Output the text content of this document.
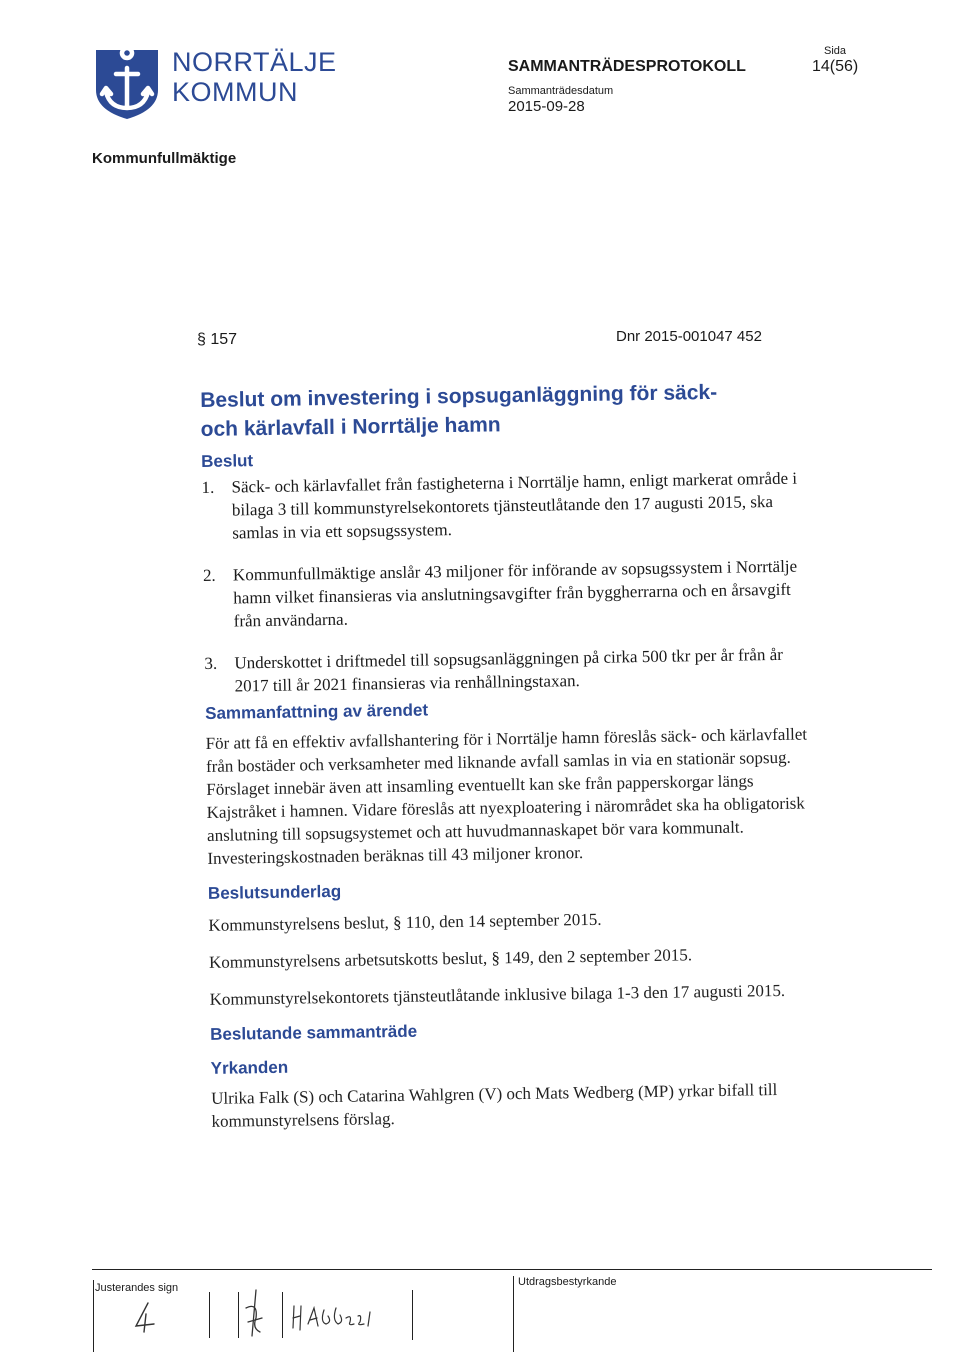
NORRTÄLJE
KOMMUN
SAMMANTRÄDESPROTOKOLL
Sammanträdesdatum
2015-09-28
Sida
14(56)
Kommunfullmäktige
§ 157	Dnr 2015-001047 452
Beslut om investering i sopsuganläggning för säck-
och kärlavfall i Norrtälje hamn
Beslut
1. Säck- och kärlavfallet från fastigheterna i Norrtälje hamn, enligt markerat område i bilaga 3 till kommunstyrelsekontorets tjänsteutlåtande den 17 augusti 2015, ska samlas in via ett sopsugssystem.
2. Kommunfullmäktige anslår 43 miljoner för införande av sopsugssystem i Norrtälje hamn vilket finansieras via anslutningsavgifter från byggherrarna och en årsavgift från användarna.
3. Underskottet i driftmedel till sopsugsanläggningen på cirka 500 tkr per år från år 2017 till år 2021 finansieras via renhållningstaxan.
Sammanfattning av ärendet

För att få en effektiv avfallshantering för i Norrtälje hamn föreslås säck- och kärlavfallet från bostäder och verksamheter med liknande avfall samlas in via en stationär sopsug. Förslaget innebär även att insamling eventuellt kan ske från papperskorgar längs Kajstråket i hamnen. Vidare föreslås att nyexploatering i närområdet ska ha obligatorisk anslutning till sopsugsystemet och att huvudmannaskapet bör vara kommunalt. Investeringskostnaden beräknas till 43 miljoner kronor.

Beslutsunderlag

Kommunstyrelsens beslut, § 110, den 14 september 2015.

Kommunstyrelsens arbetsutskotts beslut, § 149, den 2 september 2015.

Kommunstyrelsekontorets tjänsteutlåtande inklusive bilaga 1-3 den 17 augusti 2015.

Beslutande sammanträde
Yrkanden

Ulrika Falk (S) och Catarina Wahlgren (V) och Mats Wedberg (MP) yrkar bifall till kommunstyrelsens förslag.

Justerandes sign	Utdragsbestyrkande
